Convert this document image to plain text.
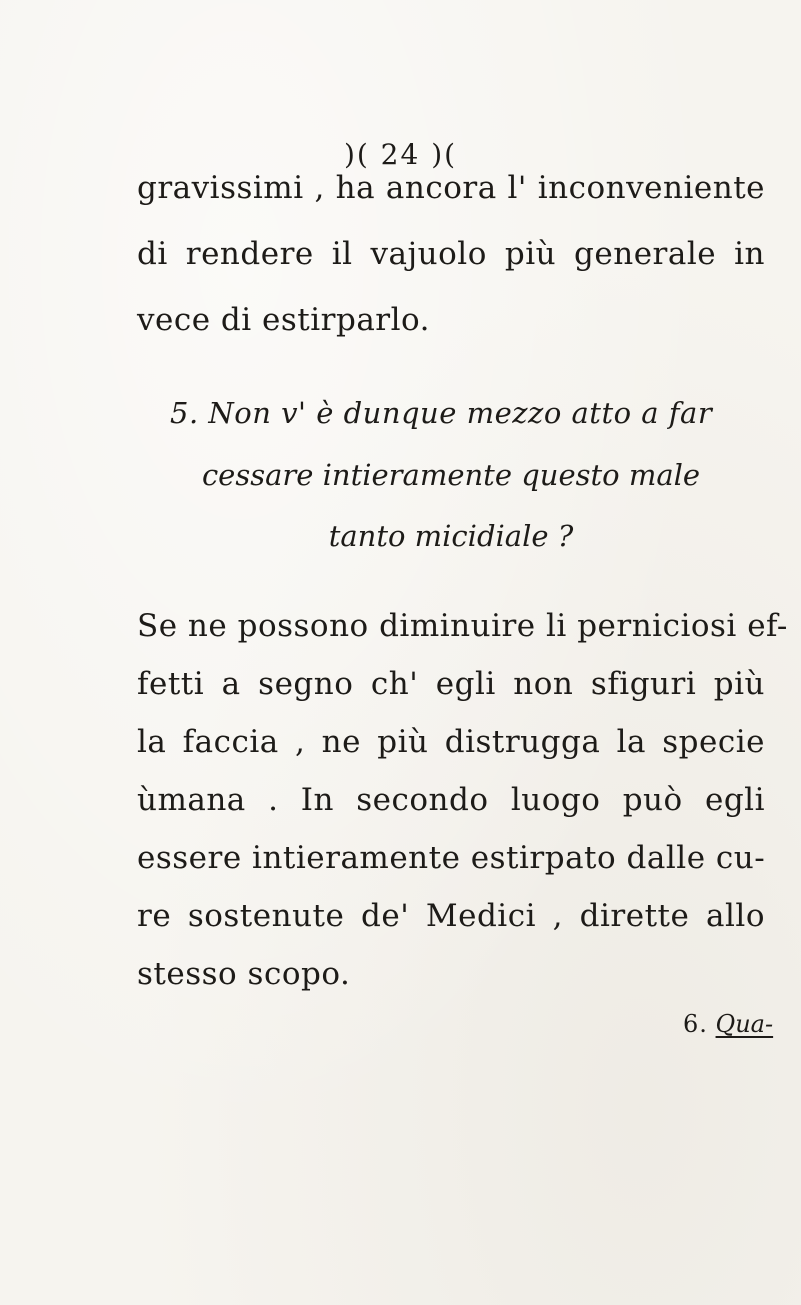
)( 24 )(
gravissimi , ha ancora l' inconveniente
di rendere il vajuolo più generale in
vece di estirparlo.
5. Non v' è dunque mezzo atto a far
cessare intieramente questo male
tanto micidiale ?
Se ne possono diminuire li perniciosi ef-
fetti a segno ch' egli non sfiguri più
la faccia , ne più distrugga la specie
ùmana . In secondo luogo può egli
essere intieramente estirpato dalle cu-
re sostenute de' Medici , dirette allo
stesso scopo.
6. Qua-
